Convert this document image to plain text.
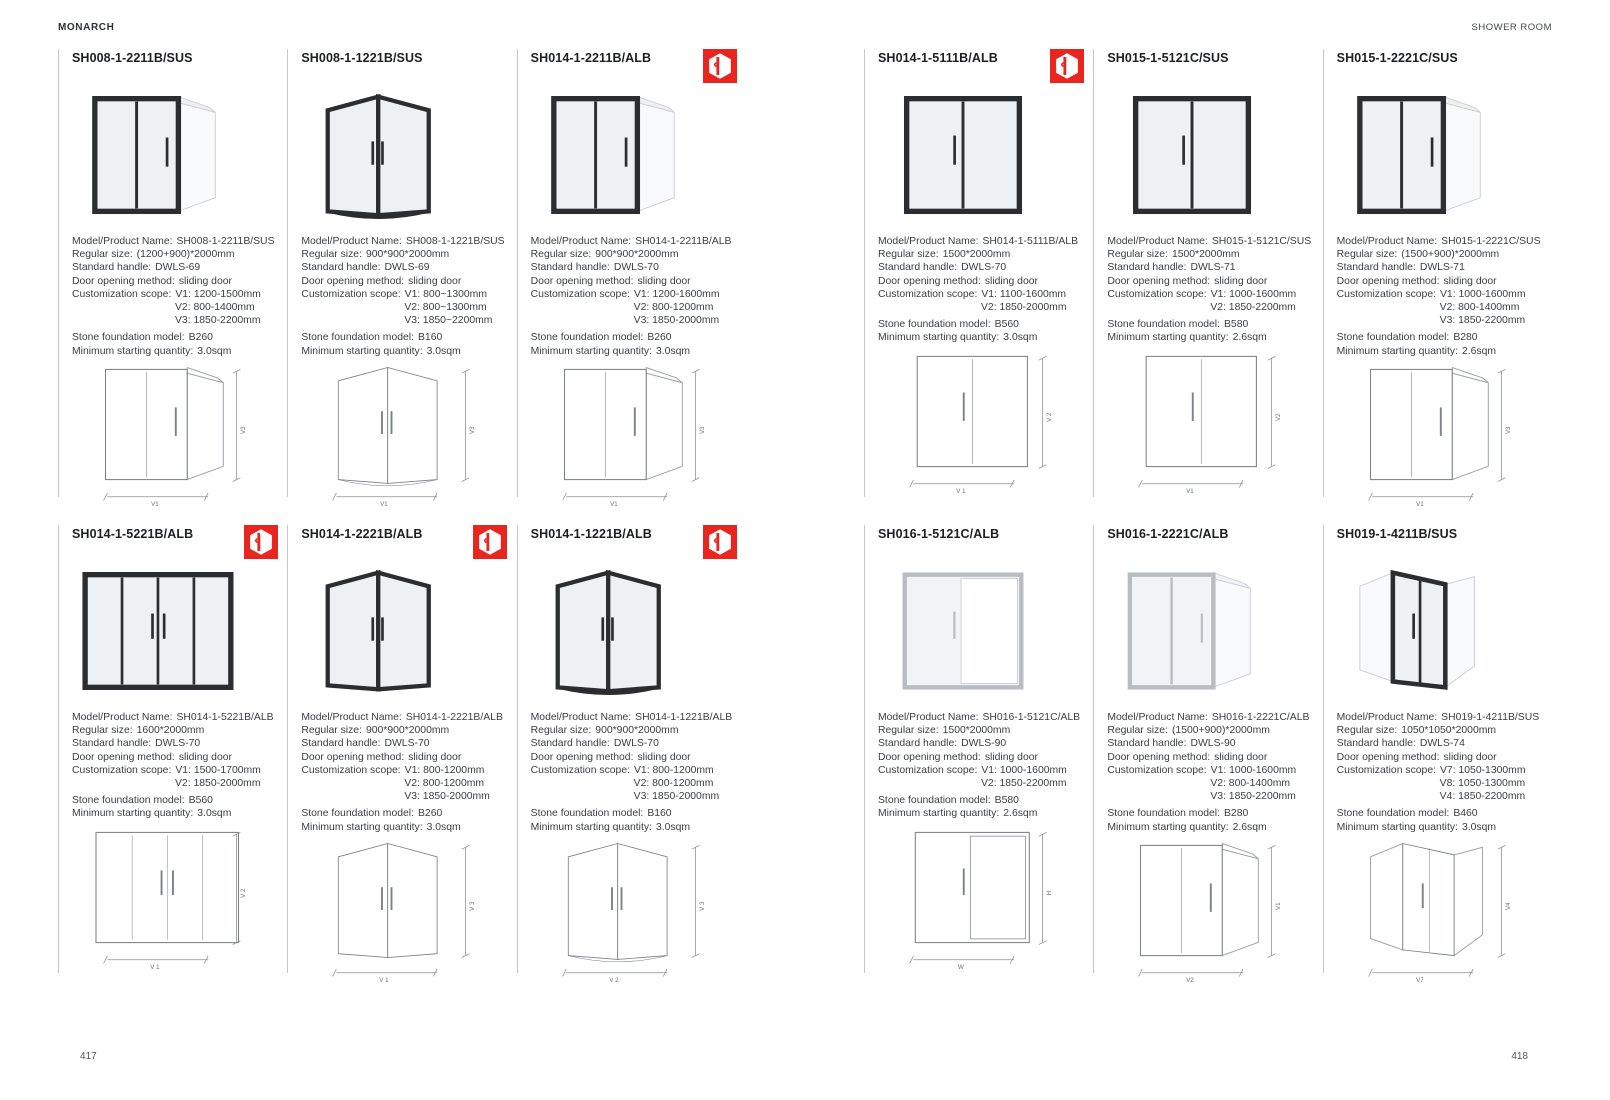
MONARCH	SHOWER ROOM
SH008-1-2211B/SUS
Model/Product Name: SH008-1-2211B/SUS
Regular size: (1200+900)*2000mm
Standard handle: DWLS-69
Door opening method: sliding door
Customization scope: V1: 1200-1500mm
V2: 800-1400mm
V3: 1850-2200mm
Stone foundation model: B260
Minimum starting quantity: 3.0sqm
V1
V3
SH008-1-1221B/SUS
Model/Product Name: SH008-1-1221B/SUS
Regular size: 900*900*2000mm
Standard handle: DWLS-69
Door opening method: sliding door
Customization scope: V1: 800~1300mm
V2: 800~1300mm
V3: 1850~2200mm
Stone foundation model: B160
Minimum starting quantity: 3.0sqm
V1
V3
SH014-1-2211B/ALB
Model/Product Name: SH014-1-2211B/ALB
Regular size: 900*900*2000mm
Standard handle: DWLS-70
Door opening method: sliding door
Customization scope: V1: 1200-1600mm
V2: 800-1200mm
V3: 1850-2000mm
Stone foundation model: B260
Minimum starting quantity: 3.0sqm
V1
V3
SH014-1-5221B/ALB
Model/Product Name: SH014-1-5221B/ALB
Regular size: 1600*2000mm
Standard handle: DWLS-70
Door opening method: sliding door
Customization scope: V1: 1500-1700mm
V2: 1850-2000mm
Stone foundation model: B560
Minimum starting quantity: 3.0sqm
V 1
V 2
SH014-1-2221B/ALB
Model/Product Name: SH014-1-2221B/ALB
Regular size: 900*900*2000mm
Standard handle: DWLS-70
Door opening method: sliding door
Customization scope: V1: 800-1200mm
V2: 800-1200mm
V3: 1850-2000mm
Stone foundation model: B260
Minimum starting quantity: 3.0sqm
V 1
V 3
SH014-1-1221B/ALB
Model/Product Name: SH014-1-1221B/ALB
Regular size: 900*900*2000mm
Standard handle: DWLS-70
Door opening method: sliding door
Customization scope: V1: 800-1200mm
V2: 800-1200mm
V3: 1850-2000mm
Stone foundation model: B160
Minimum starting quantity: 3.0sqm
V 2
V 3
SH014-1-5111B/ALB
Model/Product Name: SH014-1-5111B/ALB
Regular size: 1500*2000mm
Standard handle: DWLS-70
Door opening method: sliding door
Customization scope: V1: 1100-1600mm
V2: 1850-2000mm
Stone foundation model: B560
Minimum starting quantity: 3.0sqm
V 1
V 2
SH015-1-5121C/SUS
Model/Product Name: SH015-1-5121C/SUS
Regular size: 1500*2000mm
Standard handle: DWLS-71
Door opening method: sliding door
Customization scope: V1: 1000-1600mm
V2: 1850-2200mm
Stone foundation model: B580
Minimum starting quantity: 2.6sqm
V1
V2
SH015-1-2221C/SUS
Model/Product Name: SH015-1-2221C/SUS
Regular size: (1500+900)*2000mm
Standard handle: DWLS-71
Door opening method: sliding door
Customization scope: V1: 1000-1600mm
V2: 800-1400mm
V3: 1850-2200mm
Stone foundation model: B280
Minimum starting quantity: 2.6sqm
V1
V3
SH016-1-5121C/ALB
Model/Product Name: SH016-1-5121C/ALB
Regular size: 1500*2000mm
Standard handle: DWLS-90
Door opening method: sliding door
Customization scope: V1: 1000-1600mm
V2: 1850-2200mm
Stone foundation model: B580
Minimum starting quantity: 2.6sqm
W
H
SH016-1-2221C/ALB
Model/Product Name: SH016-1-2221C/ALB
Regular size: (1500+900)*2000mm
Standard handle: DWLS-90
Door opening method: sliding door
Customization scope: V1: 1000-1600mm
V2: 800-1400mm
V3: 1850-2200mm
Stone foundation model: B280
Minimum starting quantity: 2.6sqm
V2
V1
SH019-1-4211B/SUS
Model/Product Name: SH019-1-4211B/SUS
Regular size: 1050*1050*2000mm
Standard handle: DWLS-74
Door opening method: sliding door
Customization scope: V7: 1050-1300mm
V8: 1050-1300mm
V4: 1850-2200mm
Stone foundation model: B460
Minimum starting quantity: 3.0sqm
V7
V4
417	418
